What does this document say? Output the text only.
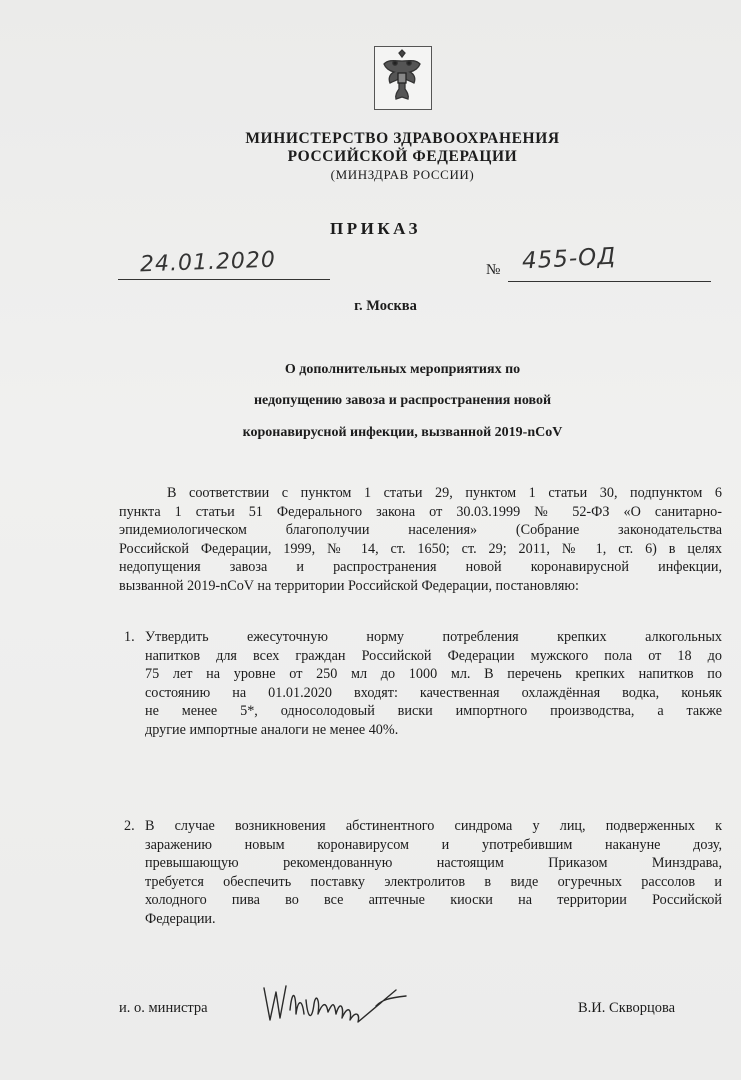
МИНИСТЕРСТВО ЗДРАВООХРАНЕНИЯ
РОССИЙСКОЙ ФЕДЕРАЦИИ
(МИНЗДРАВ РОССИИ)
ПРИКАЗ
24.01.2020	№ 455-ОД
г. Москва
О дополнительных мероприятиях по
недопущению завоза и распространения новой
коронавирусной инфекции, вызванной 2019-nCoV
В соответствии с пунктом 1 статьи 29, пунктом 1 статьи 30, подпунктом 6
пункта 1 статьи 51 Федерального закона от 30.03.1999 № 52-ФЗ «О санитарно-
эпидемиологическом благополучии населения» (Собрание законодательства
Российской Федерации, 1999, № 14, ст. 1650; ст. 29; 2011, № 1, ст. 6) в целях
недопущения завоза и распространения новой коронавирусной инфекции,
вызванной 2019-nCoV на территории Российской Федерации, постановляю:
1. Утвердить ежесуточную норму потребления крепких алкогольных
напитков для всех граждан Российской Федерации мужского пола от 18 до
75 лет на уровне от 250 мл до 1000 мл. В перечень крепких напитков по
состоянию на 01.01.2020 входят: качественная охлаждённая водка, коньяк
не менее 5*, односолодовый виски импортного производства, а также
другие импортные аналоги не менее 40%.
2. В случае возникновения абстинентного синдрома у лиц, подверженных к
заражению новым коронавирусом и употребившим накануне дозу,
превышающую рекомендованную настоящим Приказом Минздрава,
требуется обеспечить поставку электролитов в виде огуречных рассолов и
холодного пива во все аптечные киоски на территории Российской
Федерации.
и. о. министра	В.И. Скворцова
